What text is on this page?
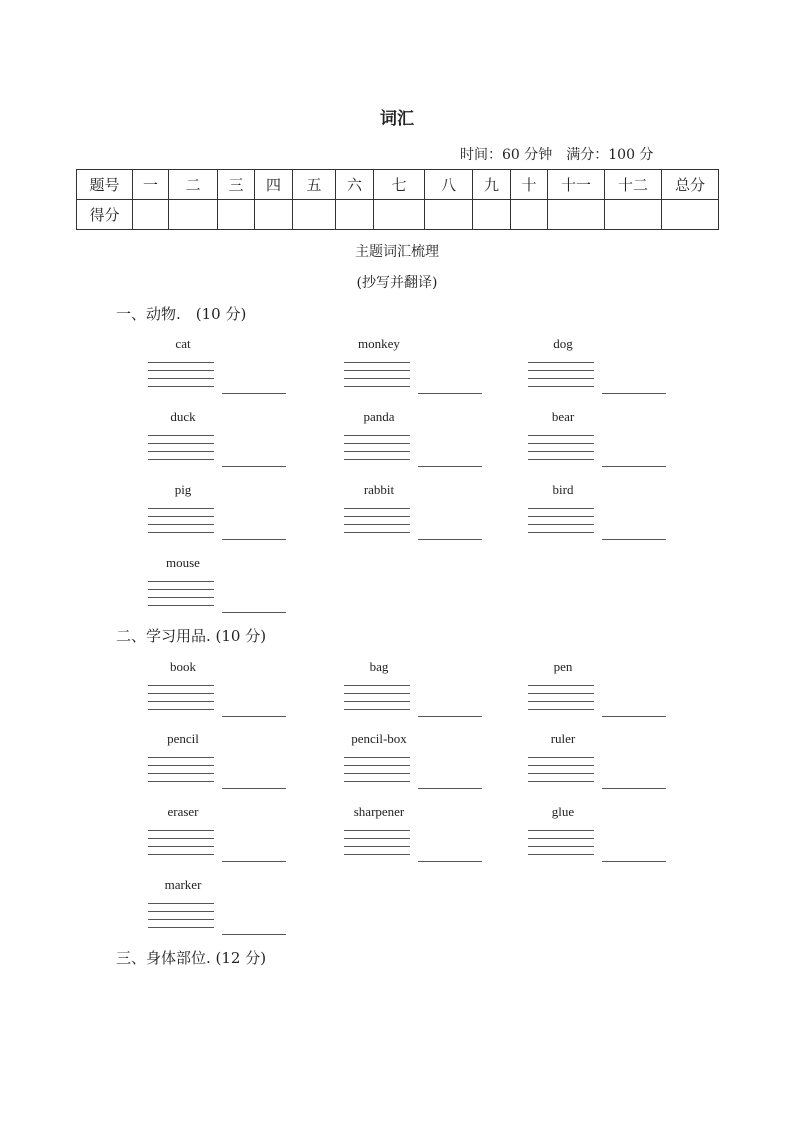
词汇
时间：60 分钟　满分：100 分
题号	一	二	三	四	五	六	七	八	九	十	十一	十二	总分
得分													
主题词汇梳理
(抄写并翻译)
一、动物.　(10 分)
二、学习用品. (10 分)
三、身体部位. (12 分)
cat	monkey	dog
duck	panda	bear
pig	rabbit	bird
mouse
book	bag	pen
pencil	pencil-box	ruler
eraser	sharpener	glue
marker
